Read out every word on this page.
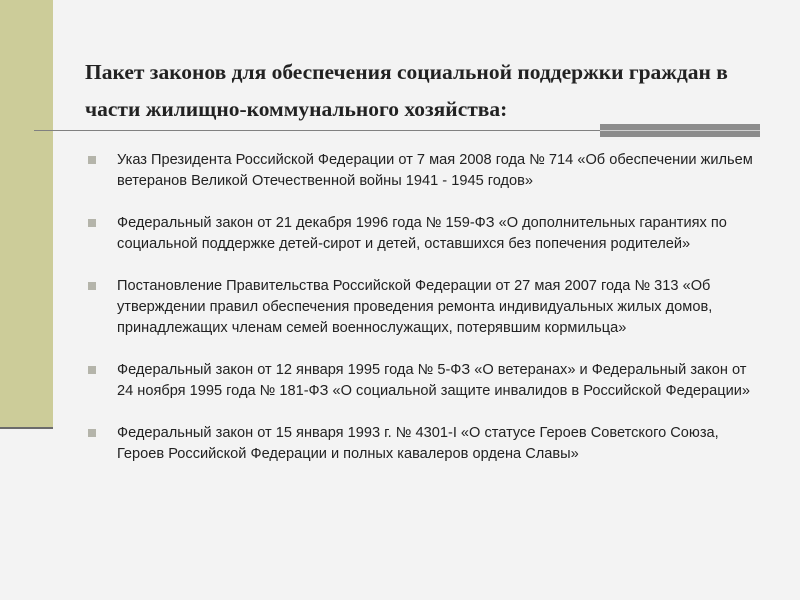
Пакет законов для обеспечения социальной поддержки граждан в части жилищно-коммунального хозяйства:
Указ Президента Российской Федерации от 7 мая 2008 года № 714 «Об обеспечении жильем ветеранов Великой Отечественной войны 1941 - 1945 годов»
Федеральный закон от 21 декабря 1996 года № 159-ФЗ «О дополнительных гарантиях по социальной поддержке детей-сирот и детей, оставшихся без попечения родителей»
Постановление Правительства Российской Федерации от 27 мая 2007 года № 313 «Об утверждении правил обеспечения проведения ремонта индивидуальных жилых домов, принадлежащих членам семей военнослужащих, потерявшим кормильца»
Федеральный закон от 12 января 1995 года № 5-ФЗ «О ветеранах» и Федеральный закон от 24 ноября 1995 года № 181-ФЗ «О социальной защите инвалидов в Российской Федерации»
Федеральный закон от 15 января 1993 г. № 4301-I «О статусе Героев Советского Союза, Героев Российской Федерации и полных кавалеров ордена Славы»
